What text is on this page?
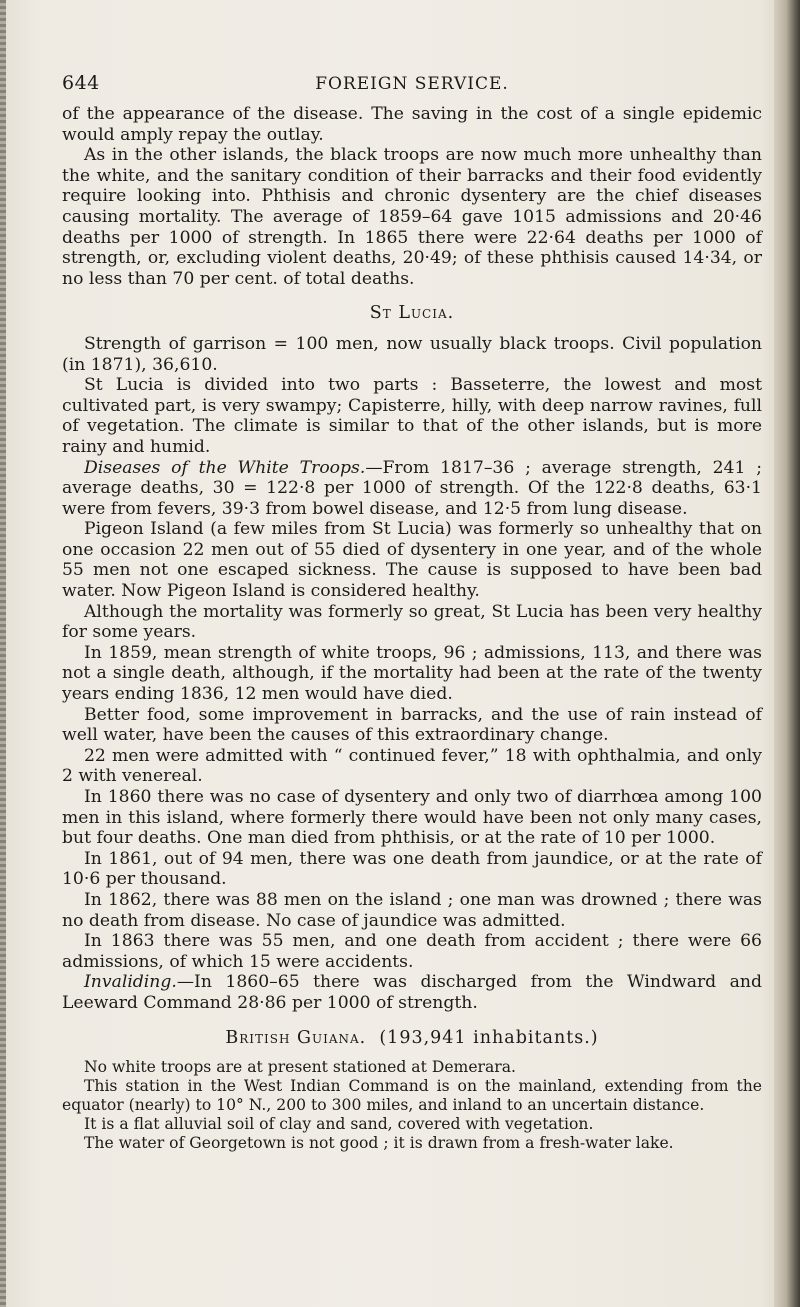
644	FOREIGN SERVICE.

of the appearance of the disease. The saving in the cost of a single epidemic would amply repay the outlay.

As in the other islands, the black troops are now much more unhealthy than the white, and the sanitary condition of their barracks and their food evidently require looking into. Phthisis and chronic dysentery are the chief diseases causing mortality. The average of 1859–64 gave 1015 admissions and 20·46 deaths per 1000 of strength. In 1865 there were 22·64 deaths per 1000 of strength, or, excluding violent deaths, 20·49; of these phthisis caused 14·34, or no less than 70 per cent. of total deaths.

St Lucia.

Strength of garrison = 100 men, now usually black troops. Civil population (in 1871), 36,610.

St Lucia is divided into two parts : Basseterre, the lowest and most cultivated part, is very swampy; Capisterre, hilly, with deep narrow ravines, full of vegetation. The climate is similar to that of the other islands, but is more rainy and humid.

Diseases of the White Troops.—From 1817–36 ; average strength, 241 ; average deaths, 30 = 122·8 per 1000 of strength. Of the 122·8 deaths, 63·1 were from fevers, 39·3 from bowel disease, and 12·5 from lung disease.

Pigeon Island (a few miles from St Lucia) was formerly so unhealthy that on one occasion 22 men out of 55 died of dysentery in one year, and of the whole 55 men not one escaped sickness. The cause is supposed to have been bad water. Now Pigeon Island is considered healthy.

Although the mortality was formerly so great, St Lucia has been very healthy for some years.

In 1859, mean strength of white troops, 96 ; admissions, 113, and there was not a single death, although, if the mortality had been at the rate of the twenty years ending 1836, 12 men would have died.

Better food, some improvement in barracks, and the use of rain instead of well water, have been the causes of this extraordinary change.

22 men were admitted with “ continued fever,” 18 with ophthalmia, and only 2 with venereal.

In 1860 there was no case of dysentery and only two of diarrhœa among 100 men in this island, where formerly there would have been not only many cases, but four deaths. One man died from phthisis, or at the rate of 10 per 1000.

In 1861, out of 94 men, there was one death from jaundice, or at the rate of 10·6 per thousand.

In 1862, there was 88 men on the island ; one man was drowned ; there was no death from disease. No case of jaundice was admitted.

In 1863 there was 55 men, and one death from accident ; there were 66 admissions, of which 15 were accidents.

Invaliding.—In 1860–65 there was discharged from the Windward and Leeward Command 28·86 per 1000 of strength.

British Guiana. (193,941 inhabitants.)

No white troops are at present stationed at Demerara.

This station in the West Indian Command is on the mainland, extending from the equator (nearly) to 10° N., 200 to 300 miles, and inland to an uncertain distance.

It is a flat alluvial soil of clay and sand, covered with vegetation.

The water of Georgetown is not good ; it is drawn from a fresh-water lake.
